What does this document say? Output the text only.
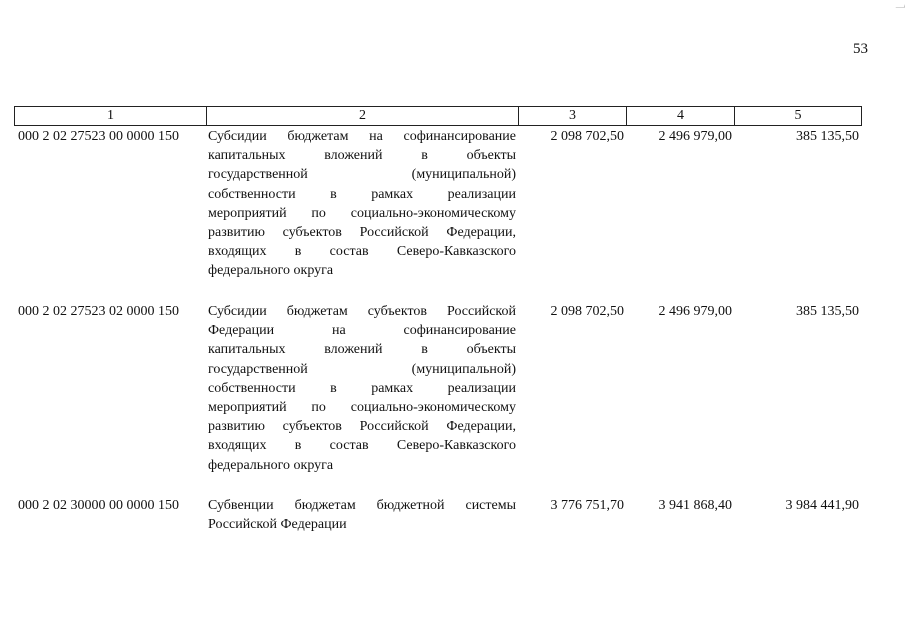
53
1	2	3	4	5
000 2 02 27523 00 0000 150	Субсидии бюджетам на софинансирование
капитальных вложений в объекты
государственной (муниципальной)
собственности в рамках реализации
мероприятий по социально-экономическому
развитию субъектов Российской Федерации,
входящих в состав Северо-Кавказского
федерального округа
2 098 702,50	2 496 979,00	385 135,50
000 2 02 27523 02 0000 150	Субсидии бюджетам субъектов Российской
Федерации на софинансирование
капитальных вложений в объекты
государственной (муниципальной)
собственности в рамках реализации
мероприятий по социально-экономическому
развитию субъектов Российской Федерации,
входящих в состав Северо-Кавказского
федерального округа
2 098 702,50	2 496 979,00	385 135,50
000 2 02 30000 00 0000 150	Субвенции бюджетам бюджетной системы
Российской Федерации
3 776 751,70	3 941 868,40	3 984 441,90
